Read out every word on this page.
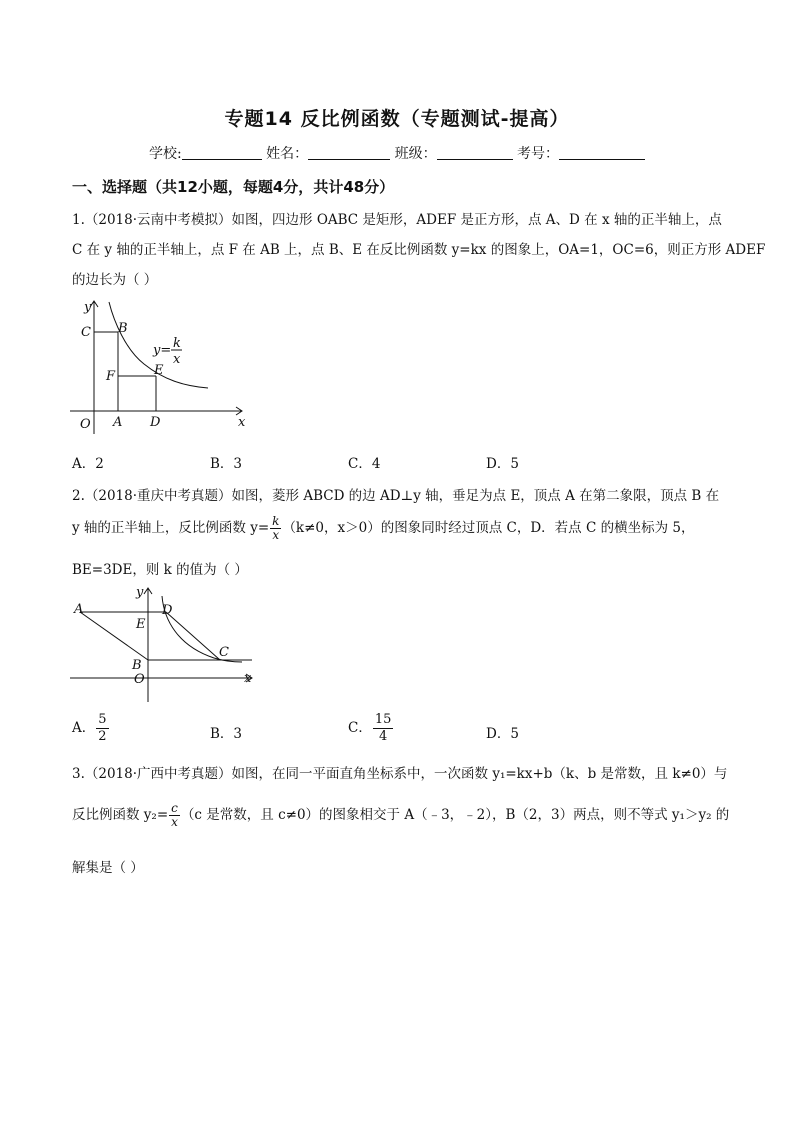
专题14 反比例函数（专题测试-提高）
学校:	姓名：	班级：	考号：
一、选择题（共12小题，每题4分，共计48分）
1.（2018·云南中考模拟）如图，四边形 OABC 是矩形，ADEF 是正方形，点 A、D 在 x 轴的正半轴上，点
C 在 y 轴的正半轴上，点 F 在 AB 上，点 B、E 在反比例函数 y=kx 的图象上，OA=1，OC=6，则正方形 ADEF
的边长为（ ）
y
x
O A D
C B
F	E
y= k
x
A．2	B．3	C．4	D．5
2.（2018·重庆中考真题）如图，菱形 ABCD 的边 AD⊥y 轴，垂足为点 E，顶点 A 在第二象限，顶点 B 在
y 轴的正半轴上，反比例函数 $y= \frac{k}{x} (k\ne 0$，x＞0）的图象同时经过顶点 C，D．若点 C 的横坐标为 5，
BE=3DE，则 k 的值为（ ）
y
x
O
A
B
C
D
E
A． $\frac{5}{2}$	B．3	C． $\frac{15}{4}$	D．5
3.（2018·广西中考真题）如图，在同一平面直角坐标系中，一次函数 y₁=kx+b（k、b 是常数，且 k≠0）与
反比例函数 $y_2= \frac{c}{x} (c$ 是常数，且 c≠0）的图象相交于 A（﹣3，﹣2），B（2，3）两点，则不等式 y₁＞y₂ 的
解集是（ ）
